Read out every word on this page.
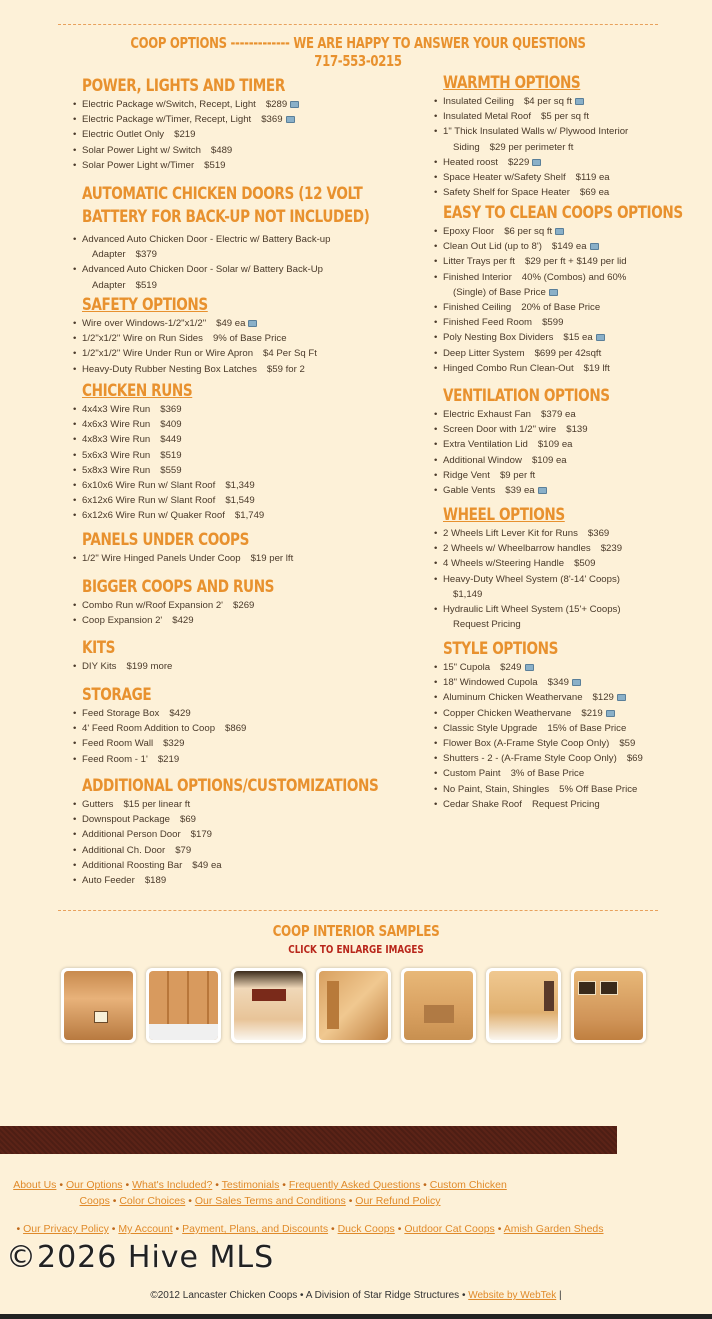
COOP OPTIONS ------------- WE ARE HAPPY TO ANSWER YOUR QUESTIONS 717-553-0215
POWER, LIGHTS AND TIMER
• Electric Package w/Switch, Recept, Light $289
• Electric Package w/Timer, Recept, Light $369
• Electric Outlet Only $219
• Solar Power Light w/ Switch $489
• Solar Power Light w/Timer $519
AUTOMATIC CHICKEN DOORS (12 VOLT BATTERY FOR BACK-UP NOT INCLUDED)
• Advanced Auto Chicken Door - Electric w/ Battery Back-up
Adapter $379
• Advanced Auto Chicken Door - Solar w/ Battery Back-Up
Adapter $519
SAFETY OPTIONS
• Wire over Windows-1/2"x1/2" $49 ea
• 1/2"x1/2" Wire on Run Sides 9% of Base Price
• 1/2"x1/2" Wire Under Run or Wire Apron $4 Per Sq Ft
• Heavy-Duty Rubber Nesting Box Latches $59 for 2
CHICKEN RUNS
• 4x4x3 Wire Run $369
• 4x6x3 Wire Run $409
• 4x8x3 Wire Run $449
• 5x6x3 Wire Run $519
• 5x8x3 Wire Run $559
• 6x10x6 Wire Run w/ Slant Roof $1,349
• 6x12x6 Wire Run w/ Slant Roof $1,549
• 6x12x6 Wire Run w/ Quaker Roof $1,749
PANELS UNDER COOPS
• 1/2" Wire Hinged Panels Under Coop $19 per lft
BIGGER COOPS AND RUNS
• Combo Run w/Roof Expansion 2' $269
• Coop Expansion 2' $429
KITS
• DIY Kits $199 more
STORAGE
• Feed Storage Box $429
• 4' Feed Room Addition to Coop $869
• Feed Room Wall $329
• Feed Room - 1' $219
ADDITIONAL OPTIONS/CUSTOMIZATIONS
• Gutters $15 per linear ft
• Downspout Package $69
• Additional Person Door $179
• Additional Ch. Door $79
• Additional Roosting Bar $49 ea
• Auto Feeder $189
WARMTH OPTIONS
• Insulated Ceiling $4 per sq ft
• Insulated Metal Roof $5 per sq ft
• 1" Thick Insulated Walls w/ Plywood Interior
Siding $29 per perimeter ft
• Heated roost $229
• Space Heater w/Safety Shelf $119 ea
• Safety Shelf for Space Heater $69 ea
EASY TO CLEAN COOPS OPTIONS
• Epoxy Floor $6 per sq ft
• Clean Out Lid (up to 8') $149 ea
• Litter Trays per ft $29 per ft + $149 per lid
• Finished Interior 40% (Combos) and 60%
(Single) of Base Price
• Finished Ceiling 20% of Base Price
• Finished Feed Room $599
• Poly Nesting Box Dividers $15 ea
• Deep Litter System $699 per 42sqft
• Hinged Combo Run Clean-Out $19 lft
VENTILATION OPTIONS
• Electric Exhaust Fan $379 ea
• Screen Door with 1/2" wire $139
• Extra Ventilation Lid $109 ea
• Additional Window $109 ea
• Ridge Vent $9 per ft
• Gable Vents $39 ea
WHEEL OPTIONS
• 2 Wheels Lift Lever Kit for Runs $369
• 2 Wheels w/ Wheelbarrow handles $239
• 4 Wheels w/Steering Handle $509
• Heavy-Duty Wheel System (8'-14' Coops)
$1,149
• Hydraulic Lift Wheel System (15'+ Coops)
Request Pricing
STYLE OPTIONS
• 15" Cupola $249
• 18" Windowed Cupola $349
• Aluminum Chicken Weathervane $129
• Copper Chicken Weathervane $219
• Classic Style Upgrade 15% of Base Price
• Flower Box (A-Frame Style Coop Only) $59
• Shutters - 2 - (A-Frame Style Coop Only) $69
• Custom Paint 3% of Base Price
• No Paint, Stain, Shingles 5% Off Base Price
• Cedar Shake Roof Request Pricing
COOP INTERIOR SAMPLES
CLICK TO ENLARGE IMAGES
About Us • Our Options • What's Included? • Testimonials • Frequently Asked Questions • Custom Chicken Coops • Color Choices • Our Sales Terms and Conditions • Our Refund Policy
• Our Privacy Policy • My Account • Payment, Plans, and Discounts • Duck Coops • Outdoor Cat Coops • Amish Garden Sheds
©2026 Hive MLS
©2012 Lancaster Chicken Coops • A Division of Star Ridge Structures • Website by WebTek |
